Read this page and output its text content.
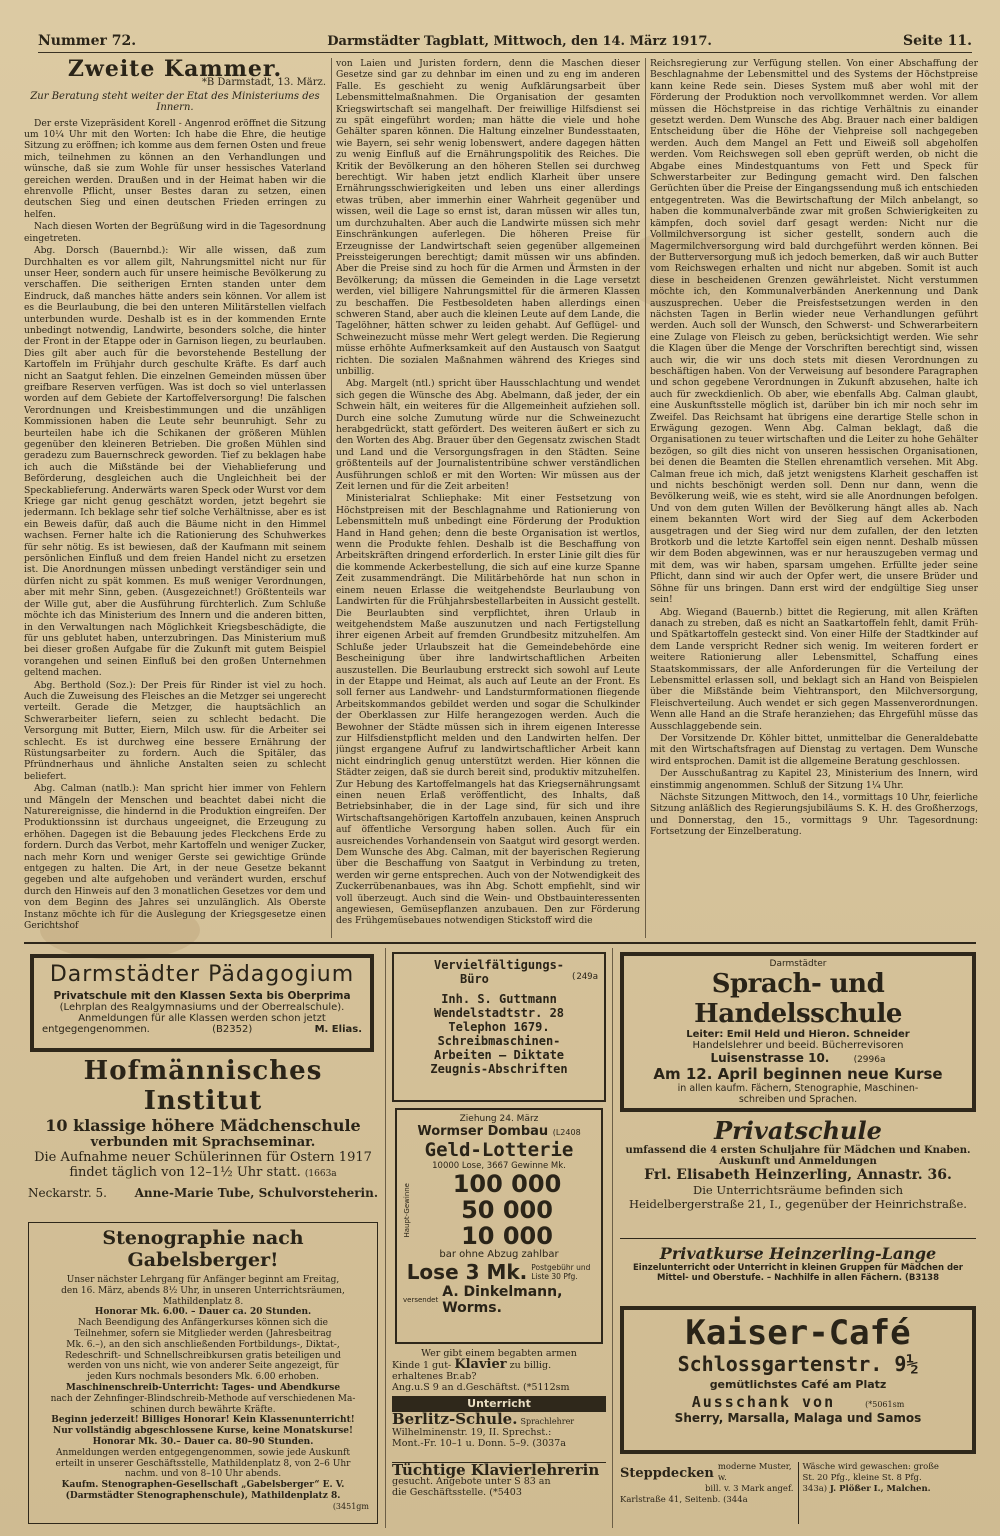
Nummer 72.	Darmstädter Tagblatt, Mittwoch, den 14. März 1917.	Seite 11.
Zweite Kammer.
*B Darmstadt, 13. März.
Zur Beratung steht weiter der Etat des Ministeriums des Innern.

Der erste Vizepräsident Korell - Angenrod eröffnet die Sitzung um 10¼ Uhr mit den Worten: Ich habe die Ehre, die heutige Sitzung zu eröffnen; ich komme aus dem fernen Osten und freue mich, teilnehmen zu können an den Verhandlungen und wünsche, daß sie zum Wohle für unser hessisches Vaterland gereichen werden. Draußen und in der Heimat haben wir die ehrenvolle Pflicht, unser Bestes daran zu setzen, einen deutschen Sieg und einen deutschen Frieden erringen zu helfen.

Nach diesen Worten der Begrüßung wird in die Tagesordnung eingetreten.

Abg. Dorsch (Bauernbd.): Wir alle wissen, daß zum Durchhalten es vor allem gilt, Nahrungsmittel nicht nur für unser Heer, sondern auch für unsere heimische Bevölkerung zu verschaffen. Die seitherigen Ernten standen unter dem Eindruck, daß manches hätte anders sein können. Vor allem ist es die Beurlaubung, die bei den unteren Militärstellen vielfach unterbunden wurde. Deshalb ist es in der kommenden Ernte unbedingt notwendig, Landwirte, besonders solche, die hinter der Front in der Etappe oder in Garnison liegen, zu beurlauben. Dies gilt aber auch für die bevorstehende Bestellung der Kartoffeln im Frühjahr durch geschulte Kräfte. Es darf auch nicht an Saatgut fehlen. Die einzelnen Gemeinden müssen über greifbare Reserven verfügen. Was ist doch so viel unterlassen worden auf dem Gebiete der Kartoffelversorgung! Die falschen Verordnungen und Kreisbestimmungen und die unzähligen Kommissionen haben die Leute sehr beunruhigt. Sehr zu beurteilen habe ich die Schikanen der größeren Mühlen gegenüber den kleineren Betrieben. Die großen Mühlen sind geradezu zum Bauernschreck geworden. Tief zu beklagen habe ich auch die Mißstände bei der Viehablieferung und Beförderung, desgleichen auch die Ungleichheit bei der Speckablieferung. Anderwärts waren Speck oder Wurst vor dem Kriege gar nicht genug geschätzt worden, jetzt begehrt sie jedermann. Ich beklage sehr tief solche Verhältnisse, aber es ist ein Beweis dafür, daß auch die Bäume nicht in den Himmel wachsen. Ferner halte ich die Rationierung des Schuhwerkes für sehr nötig. Es ist bewiesen, daß der Kaufmann mit seinem persönlichen Einfluß und dem freien Handel nicht zu ersetzen ist. Die Anordnungen müssen unbedingt verständiger sein und dürfen nicht zu spät kommen. Es muß weniger Verordnungen, aber mit mehr Sinn, geben. (Ausgezeichnet!) Größtenteils war der Wille gut, aber die Ausführung fürchterlich. Zum Schluße möchte ich das Ministerium des Innern und die anderen bitten, in den Verwaltungen nach Möglichkeit Kriegsbeschädigte, die für uns geblutet haben, unterzubringen. Das Ministerium muß bei dieser großen Aufgabe für die Zukunft mit gutem Beispiel vorangehen und seinen Einfluß bei den großen Unternehmen geltend machen.

Abg. Berthold (Soz.): Der Preis für Rinder ist viel zu hoch. Auch die Zuweisung des Fleisches an die Metzger sei ungerecht verteilt. Gerade die Metzger, die hauptsächlich an Schwerarbeiter liefern, seien zu schlecht bedacht. Die Versorgung mit Butter, Eiern, Milch usw. für die Arbeiter sei schlecht. Es ist durchweg eine bessere Ernährung der Rüstungsarbeiter zu fordern. Auch die Spitäler, das Pfründnerhaus und ähnliche Anstalten seien zu schlecht beliefert.

Abg. Calman (natlb.): Man spricht hier immer von Fehlern und Mängeln der Menschen und beachtet dabei nicht die Naturereignisse, die hindernd in die Produktion eingreifen. Der Produktionssinn ist durchaus ungeeignet, die Erzeugung zu erhöhen. Dagegen ist die Bebauung jedes Fleckchens Erde zu fordern. Durch das Verbot, mehr Kartoffeln und weniger Zucker, nach mehr Korn und weniger Gerste sei gewichtige Gründe entgegen zu halten. Die Art, in der neue Gesetze bekannt gegeben und alte aufgehoben und verändert wurden, erschuf durch den Hinweis auf den 3 monatlichen Gesetzes vor dem und von dem Beginn des Jahres sei unzulänglich. Als Oberste Instanz möchte ich für die Auslegung der Kriegsgesetze einen Gerichtshof

von Laien und Juristen fordern, denn die Maschen dieser Gesetze sind gar zu dehnbar im einen und zu eng im anderen Falle. Es geschieht zu wenig Aufklärungsarbeit über Lebensmittelmaßnahmen. Die Organisation der gesamten Kriegswirtschaft sei mangelhaft. Der freiwillige Hilfsdienst sei zu spät eingeführt worden; man hätte die viele und hohe Gehälter sparen können. Die Haltung einzelner Bundesstaaten, wie Bayern, sei sehr wenig lobenswert, andere dagegen hätten zu wenig Einfluß auf die Ernährungspolitik des Reiches. Die Kritik der Bevölkerung an den höheren Stellen sei durchweg berechtigt. Wir haben jetzt endlich Klarheit über unsere Ernährungsschwierigkeiten und leben uns einer allerdings etwas trüben, aber immerhin einer Wahrheit gegenüber und wissen, weil die Lage so ernst ist, daran müssen wir alles tun, um durchzuhalten. Aber auch die Landwirte müssen sich mehr Einschränkungen auferlegen. Die höheren Preise für Erzeugnisse der Landwirtschaft seien gegenüber allgemeinen Preissteigerungen berechtigt; damit müssen wir uns abfinden. Aber die Preise sind zu hoch für die Armen und Ärmsten in der Bevölkerung; da müssen die Gemeinden in die Lage versetzt werden, viel billigere Nahrungsmittel für die ärmeren Klassen zu beschaffen. Die Festbesoldeten haben allerdings einen schweren Stand, aber auch die kleinen Leute auf dem Lande, die Tagelöhner, hätten schwer zu leiden gehabt. Auf Geflügel- und Schweinezucht müsse mehr Wert gelegt werden. Die Regierung müsse erhöhte Aufmerksamkeit auf den Austausch von Saatgut richten. Die sozialen Maßnahmen während des Krieges sind unbillig.

Abg. Margelt (ntl.) spricht über Hausschlachtung und wendet sich gegen die Wünsche des Abg. Abelmann, daß jeder, der ein Schwein hält, ein weiteres für die Allgemeinheit aufziehen soll. Durch eine solche Zumutung würde nur die Schweinezucht herabgedrückt, statt gefördert. Des weiteren äußert er sich zu den Worten des Abg. Brauer über den Gegensatz zwischen Stadt und Land und die Versorgungsfragen in den Städten. Seine größtenteils auf der Journalistentribüne schwer verständlichen Ausführungen schloß er mit den Worten: Wir müssen aus der Zeit lernen und für die Zeit arbeiten!

Ministerialrat Schliephake: Mit einer Festsetzung von Höchstpreisen mit der Beschlagnahme und Rationierung von Lebensmitteln muß unbedingt eine Förderung der Produktion Hand in Hand gehen; denn die beste Organisation ist wertlos, wenn die Produkte fehlen. Deshalb ist die Beschaffung von Arbeitskräften dringend erforderlich. In erster Linie gilt dies für die kommende Ackerbestellung, die sich auf eine kurze Spanne Zeit zusammendrängt. Die Militärbehörde hat nun schon in einem neuen Erlasse die weitgehendste Beurlaubung von Landwirten für die Frühjahrsbestellarbeiten in Aussicht gestellt. Die Beurlaubten sind verpflichtet, ihren Urlaub in weitgehendstem Maße auszunutzen und nach Fertigstellung ihrer eigenen Arbeit auf fremden Grundbesitz mitzuhelfen. Am Schluße jeder Urlaubszeit hat die Gemeindebehörde eine Bescheinigung über ihre landwirtschaftlichen Arbeiten auszustellen. Die Beurlaubung erstreckt sich sowohl auf Leute in der Etappe und Heimat, als auch auf Leute an der Front. Es soll ferner aus Landwehr- und Landsturmformationen fliegende Arbeitskommandos gebildet werden und sogar die Schulkinder der Oberklassen zur Hilfe herangezogen werden. Auch die Bewohner der Städte müssen sich in ihrem eigenen Interesse zur Hilfsdienstpflicht melden und den Landwirten helfen. Der jüngst ergangene Aufruf zu landwirtschaftlicher Arbeit kann nicht eindringlich genug unterstützt werden. Hier können die Städter zeigen, daß sie durch bereit sind, produktiv mitzuhelfen. Zur Hebung des Kartoffelmangels hat das Kriegsernährungsamt einen neuen Erlaß veröffentlicht, des Inhalts, daß Betriebsinhaber, die in der Lage sind, für sich und ihre Wirtschaftsangehörigen Kartoffeln anzubauen, keinen Anspruch auf öffentliche Versorgung haben sollen. Auch für ein ausreichendes Vorhandensein von Saatgut wird gesorgt werden. Dem Wunsche des Abg. Calman, mit der bayerischen Regierung über die Beschaffung von Saatgut in Verbindung zu treten, werden wir gerne entsprechen. Auch von der Notwendigkeit des Zuckerrübenanbaues, was ihn Abg. Schott empfiehlt, sind wir voll überzeugt. Auch sind die Wein- und Obstbauinteressenten angewiesen, Gemüsepflanzen anzubauen. Den zur Förderung des Frühgemüsebaues notwendigen Stickstoff wird die

Reichsregierung zur Verfügung stellen. Von einer Abschaffung der Beschlagnahme der Lebensmittel und des Systems der Höchstpreise kann keine Rede sein. Dieses System muß aber wohl mit der Förderung der Produktion noch vervollkommnet werden. Vor allem müssen die Höchstpreise in das richtige Verhältnis zu einander gesetzt werden. Dem Wunsche des Abg. Brauer nach einer baldigen Entscheidung über die Höhe der Viehpreise soll nachgegeben werden. Auch dem Mangel an Fett und Eiweiß soll abgeholfen werden. Vom Reichswegen soll eben geprüft werden, ob nicht die Abgabe eines Mindestquantums von Fett und Speck für Schwerstarbeiter zur Bedingung gemacht wird. Den falschen Gerüchten über die Preise der Eingangssendung muß ich entschieden entgegentreten. Was die Bewirtschaftung der Milch anbelangt, so haben die kommunalverbände zwar mit großen Schwierigkeiten zu kämpfen, doch soviel darf gesagt werden: Nicht nur die Vollmilchversorgung ist sicher gestellt, sondern auch die Magermilchversorgung wird bald durchgeführt werden können. Bei der Butterversorgung muß ich jedoch bemerken, daß wir auch Butter vom Reichswegen erhalten und nicht nur abgeben. Somit ist auch diese in bescheidenen Grenzen gewährleistet. Nicht verstummen möchte ich, den Kommunalverbänden Anerkennung und Dank auszusprechen. Ueber die Preisfestsetzungen werden in den nächsten Tagen in Berlin wieder neue Verhandlungen geführt werden. Auch soll der Wunsch, den Schwerst- und Schwerarbeitern eine Zulage von Fleisch zu geben, berücksichtigt werden. Wie sehr die Klagen über die Menge der Vorschriften berechtigt sind, wissen auch wir, die wir uns doch stets mit diesen Verordnungen zu beschäftigen haben. Von der Verweisung auf besondere Paragraphen und schon gegebene Verordnungen in Zukunft abzusehen, halte ich auch für zweckdienlich. Ob aber, wie ebenfalls Abg. Calman glaubt, eine Auskunftsstelle möglich ist, darüber bin ich mir noch sehr im Zweifel. Das Reichsamt hat übrigens eine derartige Stelle schon in Erwägung gezogen. Wenn Abg. Calman beklagt, daß die Organisationen zu teuer wirtschaften und die Leiter zu hohe Gehälter bezögen, so gilt dies nicht von unseren hessischen Organisationen, bei denen die Beamten die Stellen ehrenamtlich versehen. Mit Abg. Calman freue ich mich, daß jetzt wenigstens Klarheit geschaffen ist und nichts beschönigt werden soll. Denn nur dann, wenn die Bevölkerung weiß, wie es steht, wird sie alle Anordnungen befolgen. Und von dem guten Willen der Bevölkerung hängt alles ab. Nach einem bekannten Wort wird der Sieg auf dem Ackerboden ausgetragen und der Sieg wird nur dem zufallen, der den letzten Brotkorb und die letzte Kartoffel sein eigen nennt. Deshalb müssen wir dem Boden abgewinnen, was er nur herauszugeben vermag und mit dem, was wir haben, sparsam umgehen. Erfüllte jeder seine Pflicht, dann sind wir auch der Opfer wert, die unsere Brüder und Söhne für uns bringen. Dann erst wird der endgültige Sieg unser sein!

Abg. Wiegand (Bauernb.) bittet die Regierung, mit allen Kräften danach zu streben, daß es nicht an Saatkartoffeln fehlt, damit Früh- und Spätkartoffeln gesteckt sind. Von einer Hilfe der Stadtkinder auf dem Lande verspricht Redner sich wenig. Im weiteren fordert er weitere Rationierung aller Lebensmittel, Schaffung eines Staatskommissars, der alle Anforderungen für die Verteilung der Lebensmittel erlassen soll, und beklagt sich an Hand von Beispielen über die Mißstände beim Viehtransport, den Milchversorgung, Fleischverteilung. Auch wendet er sich gegen Massenverordnungen. Wenn alle Hand an die Strafe heranziehen; das Ehrgefühl müsse das Ausschlaggebende sein.

Der Vorsitzende Dr. Köhler bittet, unmittelbar die Generaldebatte mit den Wirtschaftsfragen auf Dienstag zu vertagen. Dem Wunsche wird entsprochen. Damit ist die allgemeine Beratung geschlossen.

Der Ausschußantrag zu Kapitel 23, Ministerium des Innern, wird einstimmig angenommen. Schluß der Sitzung 1¼ Uhr.

Nächste Sitzungen Mittwoch, den 14., vormittags 10 Uhr, feierliche Sitzung anläßlich des Regierungsjubiläums S. K. H. des Großherzogs, und Donnerstag, den 15., vormittags 9 Uhr. Tagesordnung: Fortsetzung der Einzelberatung.

Darmstädter Pädagogium
Privatschule mit den Klassen Sexta bis Oberprima
(Lehrplan des Realgymnasiums und der Oberrealschule).
Anmeldungen für alle Klassen werden schon jetzt
entgegengenommen.	(B2352)	M. Elias.
Hofmännisches Institut
10 klassige höhere Mädchenschule
verbunden mit Sprachseminar.
Die Aufnahme neuer Schülerinnen für Ostern 1917
findet täglich von 12–1½ Uhr statt. (1663a
Neckarstr. 5. Anne-Marie Tube, Schulvorsteherin.
Stenographie nach Gabelsberger!
Unser nächster Lehrgang für Anfänger beginnt am Freitag,
den 16. März, abends 8½ Uhr, in unseren Unterrichtsräumen,
Mathildenplatz 8.
Honorar Mk. 6.00. – Dauer ca. 20 Stunden.
Nach Beendigung des Anfängerkurses können sich die
Teilnehmer, sofern sie Mitglieder werden (Jahresbeitrag
Mk. 6.–), an den sich anschließenden Fortbildungs-, Diktat-,
Redeschrift- und Schnellschreibkursen gratis beteiligen und
werden von uns nicht, wie von anderer Seite angezeigt, für
jeden Kurs nochmals besonders Mk. 6.00 erhoben.
Maschinenschreib-Unterricht: Tages- und Abendkurse
nach der Zehnfinger-Blindschreib-Methode auf verschiedenen Ma-
schinen durch bewährte Kräfte.
Beginn jederzeit! Billiges Honorar! Kein Klassenunterricht!
Nur vollständig abgeschlossene Kurse, keine Monatskurse!
Honorar Mk. 30.– Dauer ca. 80–90 Stunden.
Anmeldungen werden entgegengenommen, sowie jede Auskunft
erteilt in unserer Geschäftsstelle, Mathildenplatz 8, von 2–6 Uhr
nachm. und von 8–10 Uhr abends.
Kaufm. Stenographen-Gesellschaft „Gabelsberger“ E. V.
(Darmstädter Stenographenschule), Mathildenplatz 8.
(3451gm
Vervielfältigungs-
Büro	(249a
Inh. S. Guttmann
Wendelstadtstr. 28
Telephon 1679.
Schreibmaschinen-
Arbeiten — Diktate
Zeugnis-Abschriften
Ziehung 24. März
Wormser Dombau (L2408
Geld-Lotterie
10000 Lose, 3667 Gewinne Mk.
Haupt-Gewinne	100 000
50 000
10 000
bar ohne Abzug zahlbar
Lose 3 Mk. Postgebühr und Liste 30 Pfg.
versendet A. Dinkelmann, Worms.
Wer gibt einem begabten armen
Kinde 1 gut- Klavier zu billig.
erhaltenes Br.ab?
Ang.u.S 9 an d.Geschäftst. (*5112sm
Unterricht
Berlitz-Schule. Sprachlehrer
Wilhelminenstr. 19, II. Sprechst.:
Mont.-Fr. 10–1 u. Donn. 5–9. (3037a
Tüchtige Klavierlehrerin
gesucht. Angebote unter S 83 an
die Geschäftsstelle. (*5403
Darmstädter
Sprach- und Handelsschule
Leiter: Emil Held und Hieron. Schneider
Handelslehrer und beeid. Bücherrevisoren
Luisenstrasse 10.	(2996a
Am 12. April beginnen neue Kurse
in allen kaufm. Fächern, Stenographie, Maschinen-
schreiben und Sprachen.
Privatschule
umfassend die 4 ersten Schuljahre für Mädchen und Knaben.
Auskunft und Anmeldungen
Frl. Elisabeth Heinzerling, Annastr. 36.
Die Unterrichtsräume befinden sich
Heidelbergerstraße 21, I., gegenüber der Heinrichstraße.
Privatkurse Heinzerling-Lange
Einzelunterricht oder Unterricht in kleinen Gruppen für Mädchen der
Mittel- und Oberstufe. – Nachhilfe in allen Fächern. (B3138
Kaiser-Café
Schlossgartenstr. 9½
gemütlichstes Café am Platz
Ausschank von	(*5061sm
Sherry, Marsalla, Malaga und Samos
Steppdecken moderne Muster, w.
bill. v. 3 Mark angef.
Karlstraße 41, Seitenb. (344a
Wäsche wird gewaschen: große
St. 20 Pfg., kleine St. 8 Pfg.
343a) J. Plößer I., Malchen.
